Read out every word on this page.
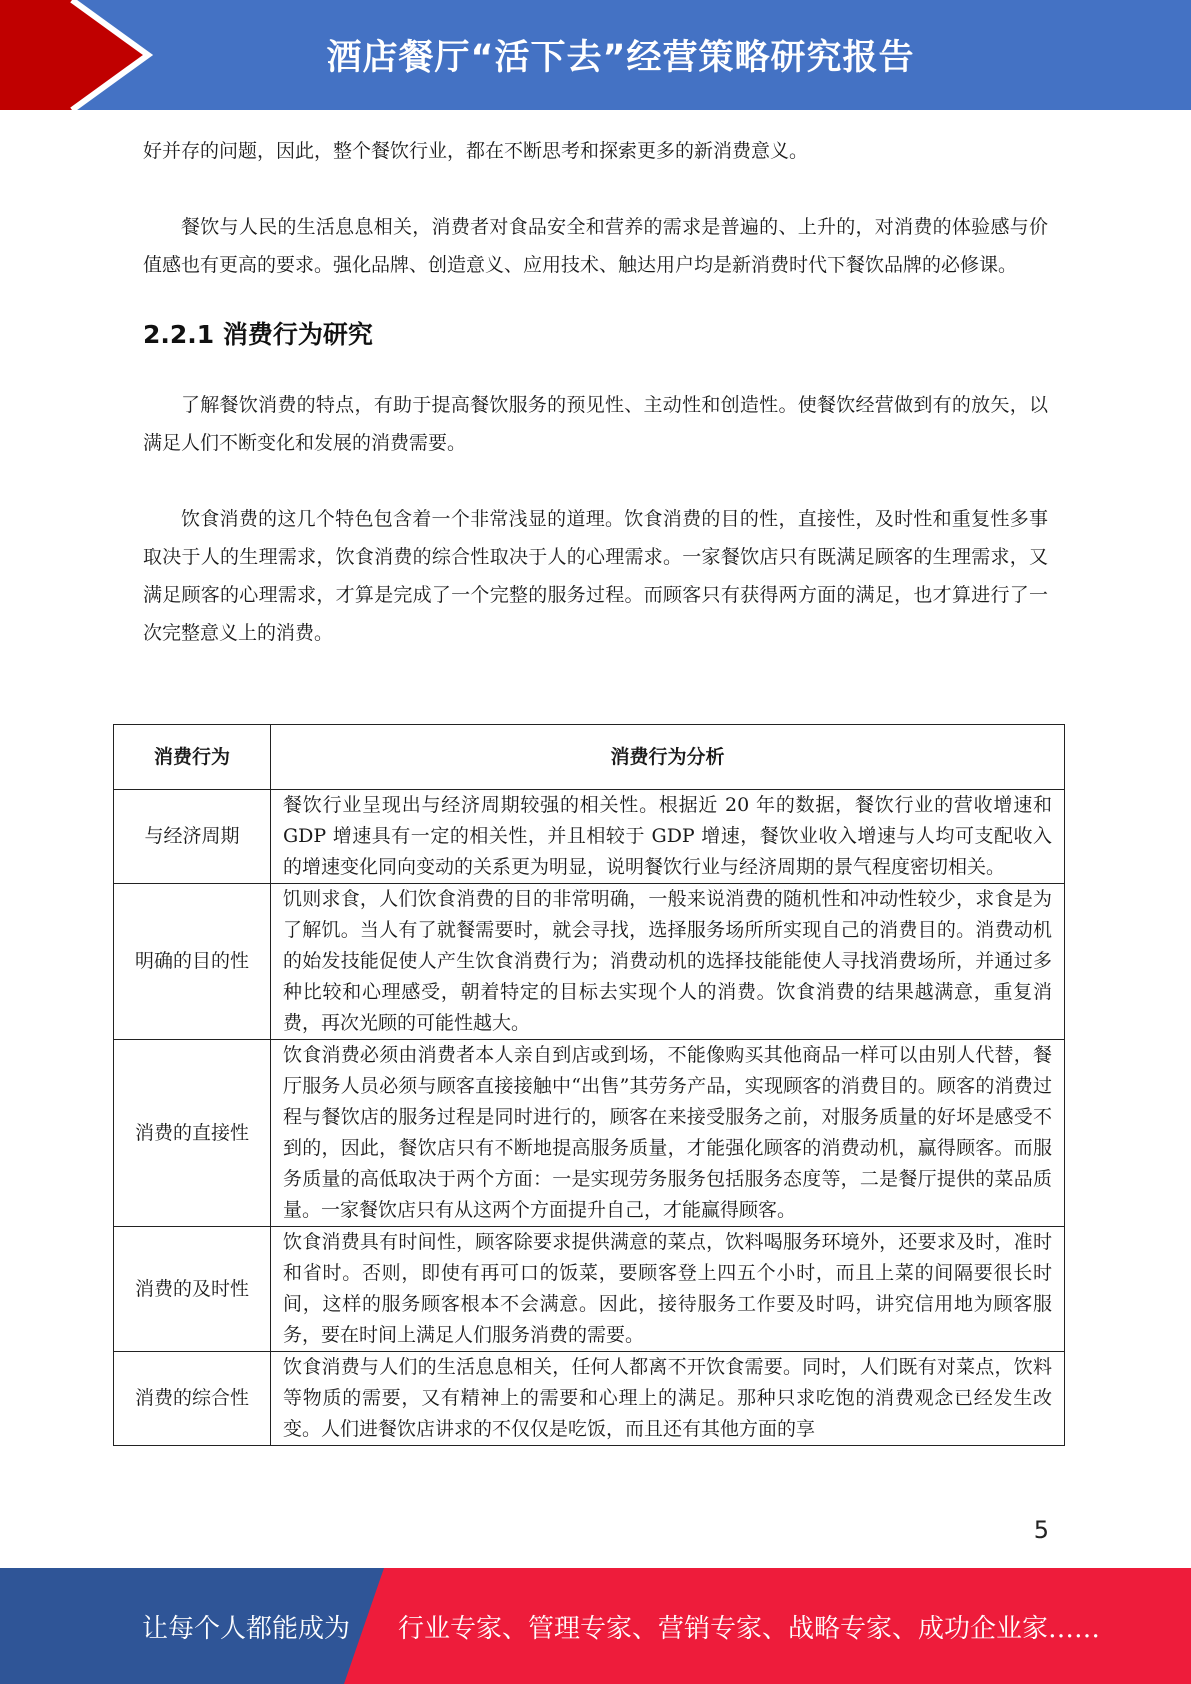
酒店餐厅“活下去”经营策略研究报告

好并存的问题，因此，整个餐饮行业，都在不断思考和探索更多的新消费意义。

餐饮与人民的生活息息相关，消费者对食品安全和营养的需求是普遍的、上升的，对消费的体验感与价值感也有更高的要求。强化品牌、创造意义、应用技术、触达用户均是新消费时代下餐饮品牌的必修课。

2.2.1 消费行为研究

了解餐饮消费的特点，有助于提高餐饮服务的预见性、主动性和创造性。使餐饮经营做到有的放矢，以满足人们不断变化和发展的消费需要。

饮食消费的这几个特色包含着一个非常浅显的道理。饮食消费的目的性，直接性，及时性和重复性多事取决于人的生理需求，饮食消费的综合性取决于人的心理需求。一家餐饮店只有既满足顾客的生理需求，又满足顾客的心理需求，才算是完成了一个完整的服务过程。而顾客只有获得两方面的满足，也才算进行了一次完整意义上的消费。

消费行为	消费行为分析
与经济周期	餐饮行业呈现出与经济周期较强的相关性。根据近 20 年的数据，餐饮行业的营收增速和 GDP 增速具有一定的相关性，并且相较于 GDP 增速，餐饮业收入增速与人均可支配收入的增速变化同向变动的关系更为明显，说明餐饮行业与经济周期的景气程度密切相关。
明确的目的性	饥则求食，人们饮食消费的目的非常明确，一般来说消费的随机性和冲动性较少，求食是为了解饥。当人有了就餐需要时，就会寻找，选择服务场所所实现自己的消费目的。消费动机的始发技能促使人产生饮食消费行为；消费动机的选择技能能使人寻找消费场所，并通过多种比较和心理感受，朝着特定的目标去实现个人的消费。饮食消费的结果越满意，重复消费，再次光顾的可能性越大。
消费的直接性	饮食消费必须由消费者本人亲自到店或到场，不能像购买其他商品一样可以由别人代替，餐厅服务人员必须与顾客直接接触中“出售”其劳务产品，实现顾客的消费目的。顾客的消费过程与餐饮店的服务过程是同时进行的，顾客在来接受服务之前，对服务质量的好坏是感受不到的，因此，餐饮店只有不断地提高服务质量，才能强化顾客的消费动机，赢得顾客。而服务质量的高低取决于两个方面：一是实现劳务服务包括服务态度等，二是餐厅提供的菜品质量。一家餐饮店只有从这两个方面提升自己，才能赢得顾客。
消费的及时性	饮食消费具有时间性，顾客除要求提供满意的菜点，饮料喝服务环境外，还要求及时，准时和省时。否则，即使有再可口的饭菜，要顾客登上四五个小时，而且上菜的间隔要很长时间，这样的服务顾客根本不会满意。因此，接待服务工作要及时吗，讲究信用地为顾客服务，要在时间上满足人们服务消费的需要。
消费的综合性	饮食消费与人们的生活息息相关，任何人都离不开饮食需要。同时，人们既有对菜点，饮料等物质的需要，又有精神上的需要和心理上的满足。那种只求吃饱的消费观念已经发生改变。人们进餐饮店讲求的不仅仅是吃饭，而且还有其他方面的享
5
让每个人都能成为 行业专家、管理专家、营销专家、战略专家、成功企业家……
